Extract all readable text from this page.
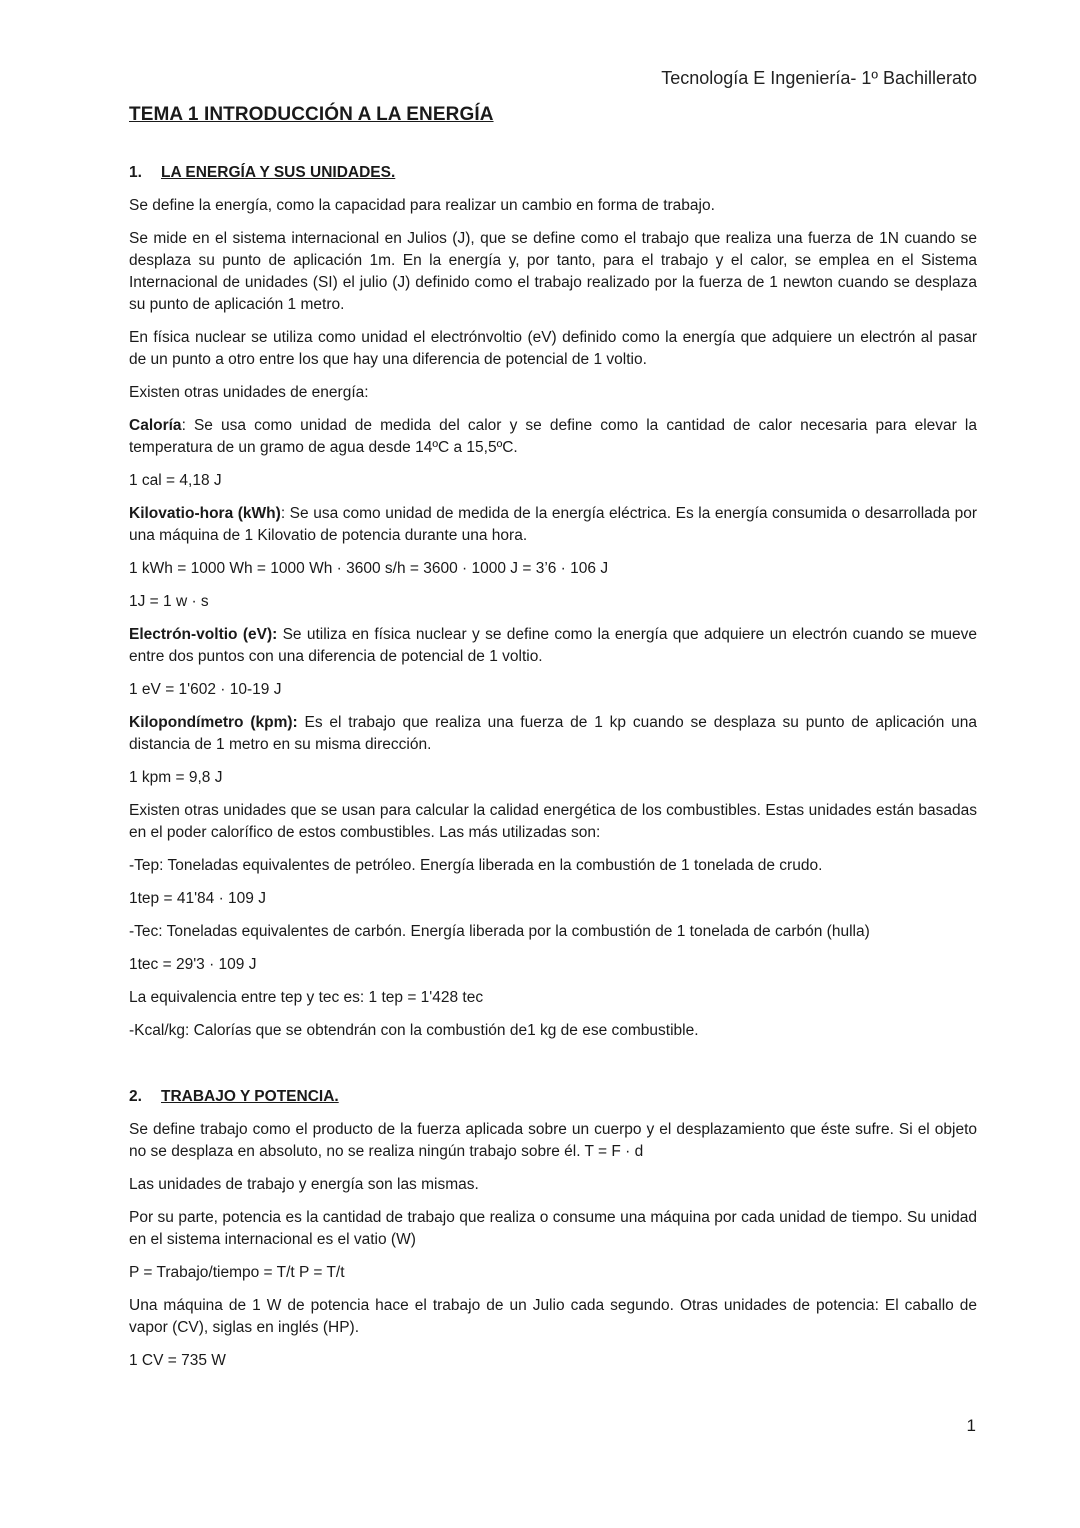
Tecnología E Ingeniería- 1º Bachillerato
TEMA 1 INTRODUCCIÓN A LA ENERGÍA
1.	LA ENERGÍA Y SUS UNIDADES.

Se define la energía, como la capacidad para realizar un cambio en forma de trabajo.

Se mide en el sistema internacional en Julios (J), que se define como el trabajo que realiza una fuerza de 1N cuando se desplaza su punto de aplicación 1m. En la energía y, por tanto, para el trabajo y el calor, se emplea en el Sistema Internacional de unidades (SI) el julio (J) definido como el trabajo realizado por la fuerza de 1 newton cuando se desplaza su punto de aplicación 1 metro.

En física nuclear se utiliza como unidad el electrónvoltio (eV) definido como la energía que adquiere un electrón al pasar de un punto a otro entre los que hay una diferencia de potencial de 1 voltio.

Existen otras unidades de energía:

Caloría: Se usa como unidad de medida del calor y se define como la cantidad de calor necesaria para elevar la temperatura de un gramo de agua desde 14ºC a 15,5ºC.

1 cal = 4,18 J

Kilovatio-hora (kWh): Se usa como unidad de medida de la energía eléctrica. Es la energía consumida o desarrollada por una máquina de 1 Kilovatio de potencia durante una hora.

1 kWh = 1000 Wh = 1000 Wh · 3600 s/h = 3600 · 1000 J = 3’6 · 106 J

1J = 1 w · s

Electrón-voltio (eV): Se utiliza en física nuclear y se define como la energía que adquiere un electrón cuando se mueve entre dos puntos con una diferencia de potencial de 1 voltio.

1 eV = 1'602 · 10-19 J

Kilopondímetro (kpm): Es el trabajo que realiza una fuerza de 1 kp cuando se desplaza su punto de aplicación una distancia de 1 metro en su misma dirección.

1 kpm = 9,8 J

Existen otras unidades que se usan para calcular la calidad energética de los combustibles. Estas unidades están basadas en el poder calorífico de estos combustibles. Las más utilizadas son:

-Tep: Toneladas equivalentes de petróleo. Energía liberada en la combustión de 1 tonelada de crudo.

1tep = 41'84 · 109 J

-Tec: Toneladas equivalentes de carbón. Energía liberada por la combustión de 1 tonelada de carbón (hulla)

1tec = 29'3 · 109 J

La equivalencia entre tep y tec es: 1 tep = 1'428 tec

-Kcal/kg: Calorías que se obtendrán con la combustión de1 kg de ese combustible.

2.	TRABAJO Y POTENCIA.

Se define trabajo como el producto de la fuerza aplicada sobre un cuerpo y el desplazamiento que éste sufre. Si el objeto no se desplaza en absoluto, no se realiza ningún trabajo sobre él. T = F · d

Las unidades de trabajo y energía son las mismas.

Por su parte, potencia es la cantidad de trabajo que realiza o consume una máquina por cada unidad de tiempo. Su unidad en el sistema internacional es el vatio (W)

P = Trabajo/tiempo = T/t P = T/t

Una máquina de 1 W de potencia hace el trabajo de un Julio cada segundo. Otras unidades de potencia: El caballo de vapor (CV), siglas en inglés (HP).

1 CV = 735 W

1
